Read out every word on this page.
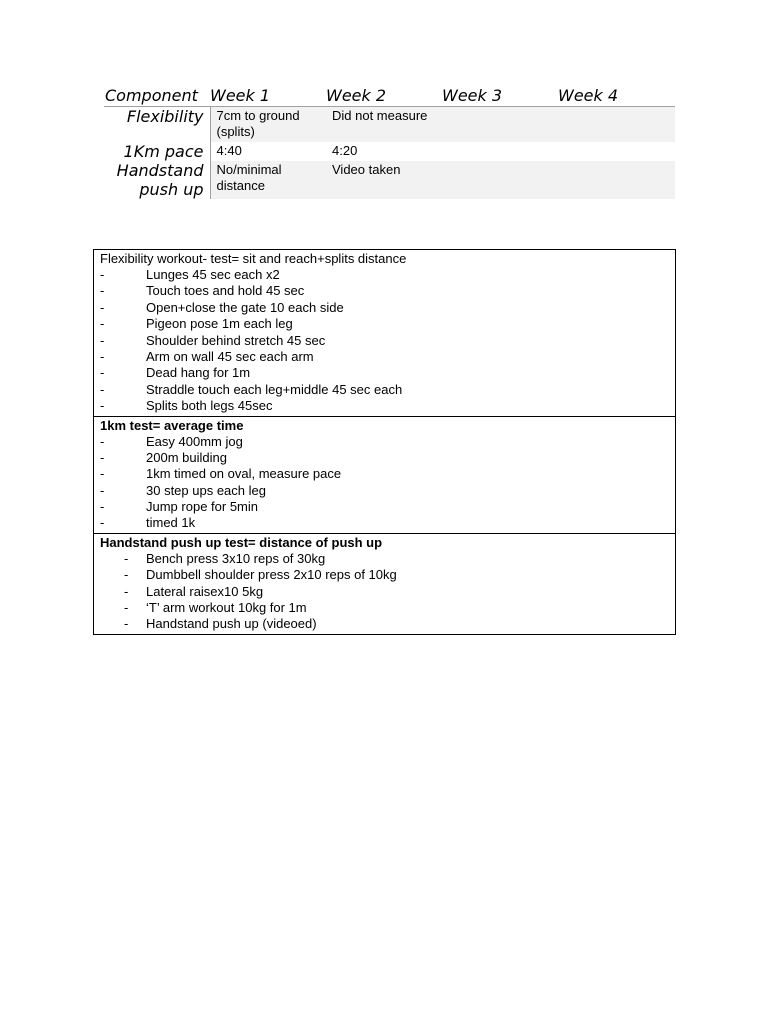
Component	Week 1	Week 2	Week 3	Week 4
Flexibility	7cm to ground (splits)	Did not measure		
1Km pace	4:40	4:20		
Handstand push up	No/minimal distance	Video taken		
Flexibility workout- test= sit and reach+splits distance
-	Lunges 45 sec each x2
-	Touch toes and hold 45 sec
-	Open+close the gate 10 each side
-	Pigeon pose 1m each leg
-	Shoulder behind stretch 45 sec
-	Arm on wall 45 sec each arm
-	Dead hang for 1m
-	Straddle touch each leg+middle 45 sec each
-	Splits both legs 45sec
1km test= average time
-	Easy 400mm jog
-	200m building
-	1km timed on oval, measure pace
-	30 step ups each leg
-	Jump rope for 5min
-	timed 1k
Handstand push up test= distance of push up
- Bench press 3x10 reps of 30kg
- Dumbbell shoulder press 2x10 reps of 10kg
- Lateral raisex10 5kg
- ‘T’ arm workout 10kg for 1m
- Handstand push up (videoed)
